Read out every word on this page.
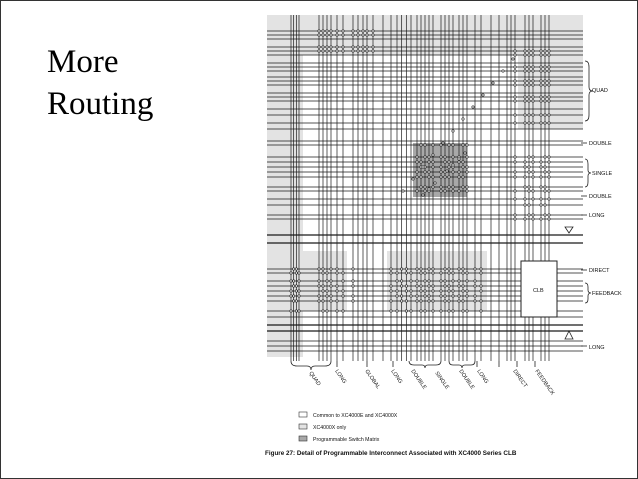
More
Routing
CLB
QUAD
DOUBLE
SINGLE
DOUBLE
LONG
DIRECT
FEEDBACK
LONG
QUAD LONG	GLOBAL LONG DOUBLE SINGLE DOUBLE LONG	DIRECT FEEDBACK
Common to XC4000E and XC4000X
XC4000X only
Programmable Switch Matrix
Figure 27: Detail of Programmable Interconnect Associated with XC4000 Series CLB
